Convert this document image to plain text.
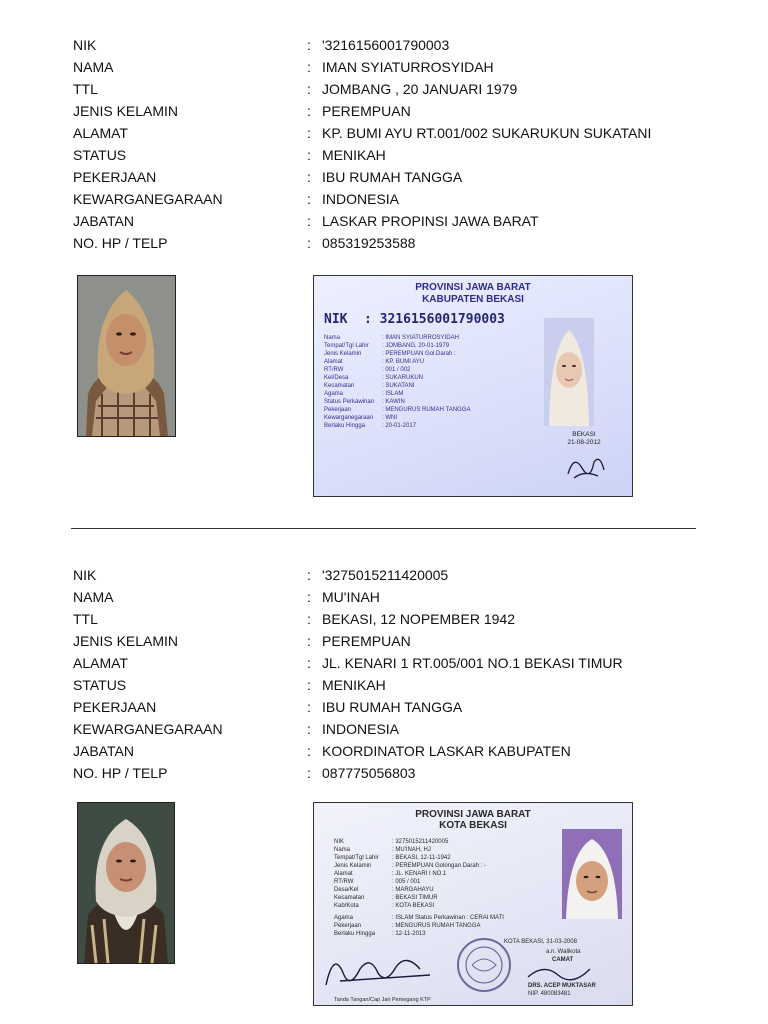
NIK	: '3216156001790003
NAMA	: IMAN SYIATURROSYIDAH
TTL	: JOMBANG , 20 JANUARI 1979
JENIS KELAMIN	: PEREMPUAN
ALAMAT	: KP. BUMI AYU RT.001/002 SUKARUKUN SUKATANI
STATUS	: MENIKAH
PEKERJAAN	: IBU RUMAH TANGGA
KEWARGANEGARAAN	: INDONESIA
JABATAN	: LASKAR PROPINSI JAWA BARAT
NO. HP / TELP	: 085319253588
PROVINSI JAWA BARAT
KABUPATEN BEKASI
NIK : 3216156001790003
Nama	: IMAN SYIATURROSYIDAH
Tempat/Tgl Lahir : JOMBANG, 20-01-1979
Jenis Kelamin	: PEREMPUAN Gol.Darah :
Alamat	: KP. BUMI AYU
RT/RW	: 001 / 002
Kel/Desa	: SUKARUKUN
Kecamatan	: SUKATANI
Agama	: ISLAM
Status Perkawinan : KAWIN
Pekerjaan	: MENGURUS RUMAH TANGGA
Kewarganegaraan : WNI
Berlaku Hingga	: 20-01-2017
BEKASI
21-08-2012
NIK	: '3275015211420005
NAMA	: MU'INAH
TTL	: BEKASI, 12 NOPEMBER 1942
JENIS KELAMIN	: PEREMPUAN
ALAMAT	: JL. KENARI 1 RT.005/001 NO.1 BEKASI TIMUR
STATUS	: MENIKAH
PEKERJAAN	: IBU RUMAH TANGGA
KEWARGANEGARAAN	: INDONESIA
JABATAN	: KOORDINATOR LASKAR KABUPATEN
NO. HP / TELP	: 087775056803
PROVINSI JAWA BARAT
KOTA BEKASI
NIK	: 3275015211420005
Nama	: MU'INAH, HJ
Tempat/Tgl Lahir : BEKASI, 12-11-1942
Jenis Kelamin	: PEREMPUAN Golongan Darah : -
Alamat	: JL. KENARI I NO.1
RT/RW	: 005 / 001
Desa/Kel	: MARGAHAYU
Kecamatan	: BEKASI TIMUR
Kab/Kota	: KOTA BEKASI
Agama	: ISLAM Status Perkawinan : CERAI MATI
Pekerjaan	: MENGURUS RUMAH TANGGA
Berlaku Hingga	: 12-11-2013
KOTA BEKASI, 31-03-2008
a.n. Walikota
CAMAT
DRS. ACEP MUKTASAR
NIP. 480083481
Tanda Tangan/Cap Jari Pemegang KTP
